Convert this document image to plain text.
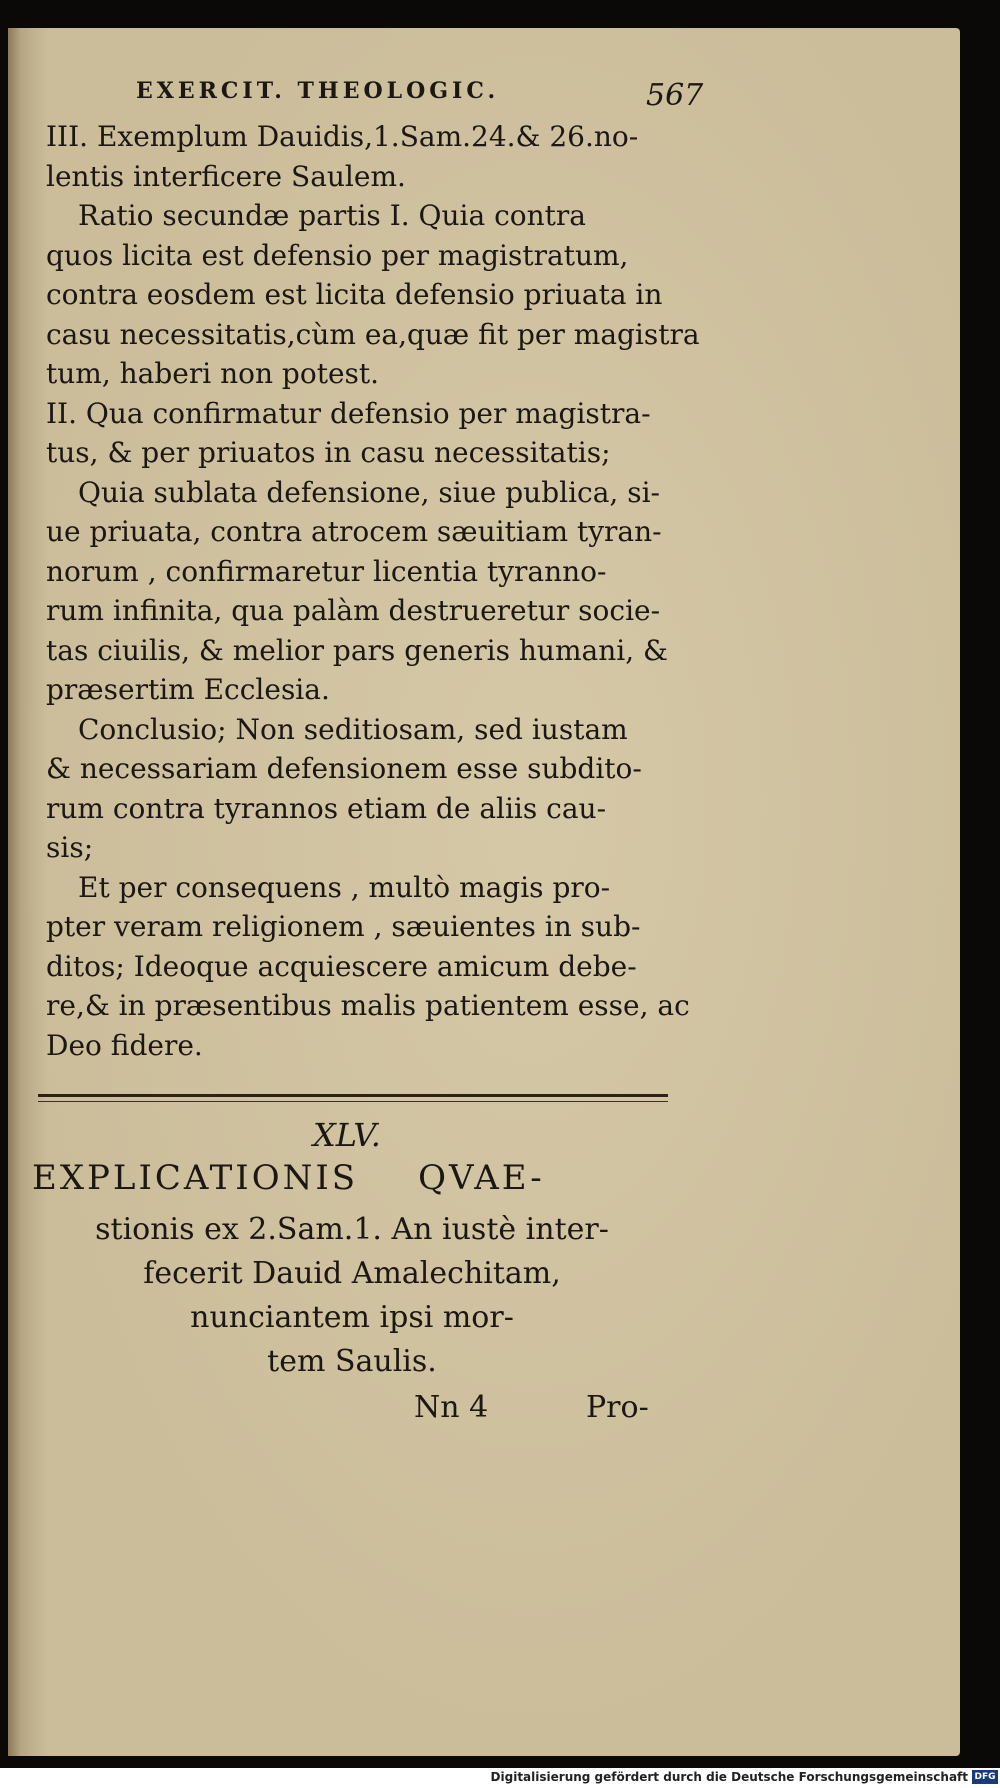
EXERCIT. THEOLOGIC.	567
III. Exemplum Dauidis,1.Sam.24.& 26.no-
lentis interficere Saulem.
Ratio secundæ partis I. Quia contra
quos licita est defensio per magistratum,
contra eosdem est licita defensio priuata in
casu necessitatis,cùm ea,quæ fit per magistra
tum, haberi non potest.
II. Qua confirmatur defensio per magistra-
tus, & per priuatos in casu necessitatis;
Quia sublata defensione, siue publica, si-
ue priuata, contra atrocem sæuitiam tyran-
norum , confirmaretur licentia tyranno-
rum infinita, qua palàm destrueretur socie-
tas ciuilis, & melior pars generis humani, &
præsertim Ecclesia.
Conclusio; Non seditiosam, sed iustam
& necessariam defensionem esse subdito-
rum contra tyrannos etiam de aliis cau-
sis;
Et per consequens , multò magis pro-
pter veram religionem , sæuientes in sub-
ditos; Ideoque acquiescere amicum debe-
re,& in præsentibus malis patientem esse, ac
Deo fidere.
XLV.
EXPLICATIONIS QVAE-
stionis ex 2.Sam.1. An iustè inter-
fecerit Dauid Amalechitam,
nunciantem ipsi mor-
tem Saulis.
Nn 4	Pro-
Digitalisierung gefördert durch die Deutsche Forschungsgemeinschaft DFG
